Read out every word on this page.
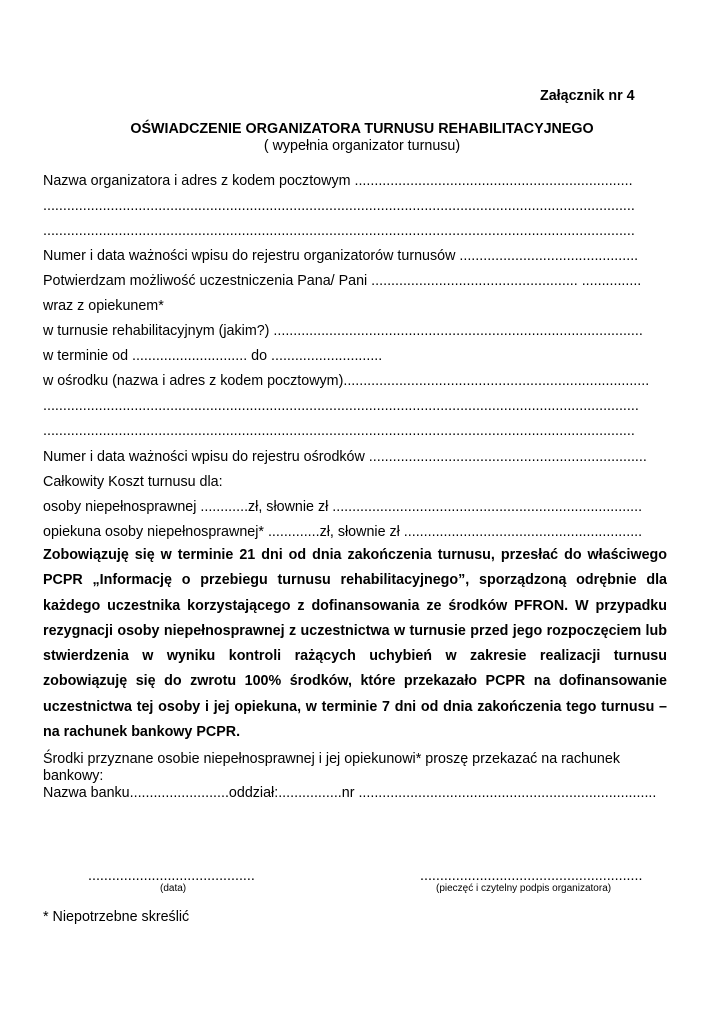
Załącznik nr 4
OŚWIADCZENIE ORGANIZATORA TURNUSU REHABILITACYJNEGO
( wypełnia organizator turnusu)
Nazwa organizatora i adres z kodem pocztowym ......................................................................
.....................................................................................................................................................
.....................................................................................................................................................
Numer i data ważności wpisu do rejestru organizatorów turnusów .............................................
Potwierdzam możliwość uczestniczenia Pana/ Pani .................................................... ...............
wraz z opiekunem*
w turnusie rehabilitacyjnym (jakim?) .............................................................................................
w terminie od ............................. do ............................
w ośrodku (nazwa i adres z kodem pocztowym).............................................................................
......................................................................................................................................................
.....................................................................................................................................................
Numer i data ważności wpisu do rejestru ośrodków ......................................................................
Całkowity Koszt turnusu dla:
osoby niepełnosprawnej ............zł, słownie zł ..............................................................................
opiekuna osoby niepełnosprawnej* .............zł, słownie zł ............................................................
Zobowiązuję się w terminie 21 dni od dnia zakończenia turnusu, przesłać do właściwego PCPR „Informację o przebiegu turnusu rehabilitacyjnego”, sporządzoną odrębnie dla każdego uczestnika korzystającego z dofinansowania ze środków PFRON. W przypadku rezygnacji osoby niepełnosprawnej z uczestnictwa w turnusie przed jego rozpoczęciem lub stwierdzenia w wyniku kontroli rażących uchybień w zakresie realizacji turnusu zobowiązuję się do zwrotu 100% środków, które przekazało PCPR na dofinansowanie uczestnictwa tej osoby i jej opiekuna, w terminie 7 dni od dnia zakończenia tego turnusu – na rachunek bankowy PCPR.
Środki przyznane osobie niepełnosprawnej i jej opiekunowi* proszę przekazać na rachunek
bankowy:
Nazwa banku.........................oddział:................nr ...........................................................................
..........................................
(data)
........................................................
(pieczęć i czytelny podpis organizatora)
* Niepotrzebne skreślić
